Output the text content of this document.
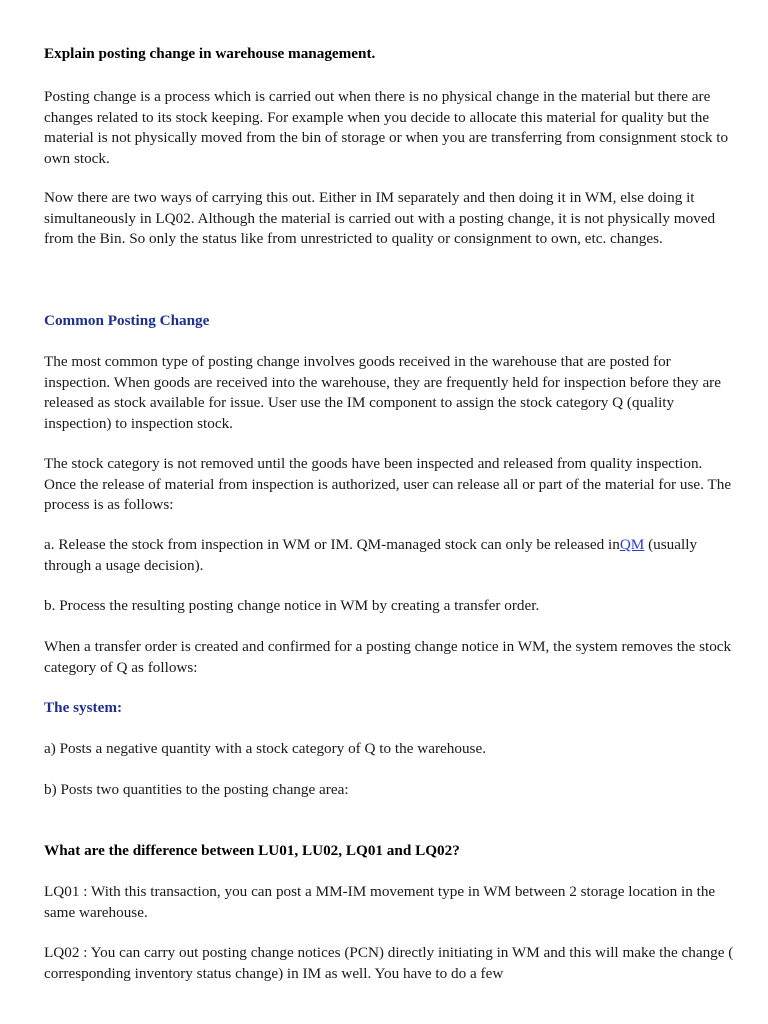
Explain posting change in warehouse management.

Posting change is a process which is carried out when there is no physical change in the material but there are changes related to its stock keeping. For example when you decide to allocate this material for quality but the material is not physically moved from the bin of storage or when you are transferring from consignment stock to own stock.

Now there are two ways of carrying this out. Either in IM separately and then doing it in WM, else doing it simultaneously in LQ02. Although the material is carried out with a posting change, it is not physically moved from the Bin. So only the status like from unrestricted to quality or consignment to own, etc. changes.

Common Posting Change

The most common type of posting change involves goods received in the warehouse that are posted for inspection. When goods are received into the warehouse, they are frequently held for inspection before they are released as stock available for issue. User use the IM component to assign the stock category Q (quality inspection) to inspection stock.

The stock category is not removed until the goods have been inspected and released from quality inspection. Once the release of material from inspection is authorized, user can release all or part of the material for use. The process is as follows:

a. Release the stock from inspection in WM or IM. QM-managed stock can only be released inQM (usually through a usage decision).

b. Process the resulting posting change notice in WM by creating a transfer order.

When a transfer order is created and confirmed for a posting change notice in WM, the system removes the stock category of Q as follows:

The system:

a) Posts a negative quantity with a stock category of Q to the warehouse.

b) Posts two quantities to the posting change area:

What are the difference between LU01, LU02, LQ01 and LQ02?

LQ01 : With this transaction, you can post a MM-IM movement type in WM between 2 storage location in the same warehouse.

LQ02 : You can carry out posting change notices (PCN) directly initiating in WM and this will make the change ( corresponding inventory status change) in IM as well. You have to do a few
